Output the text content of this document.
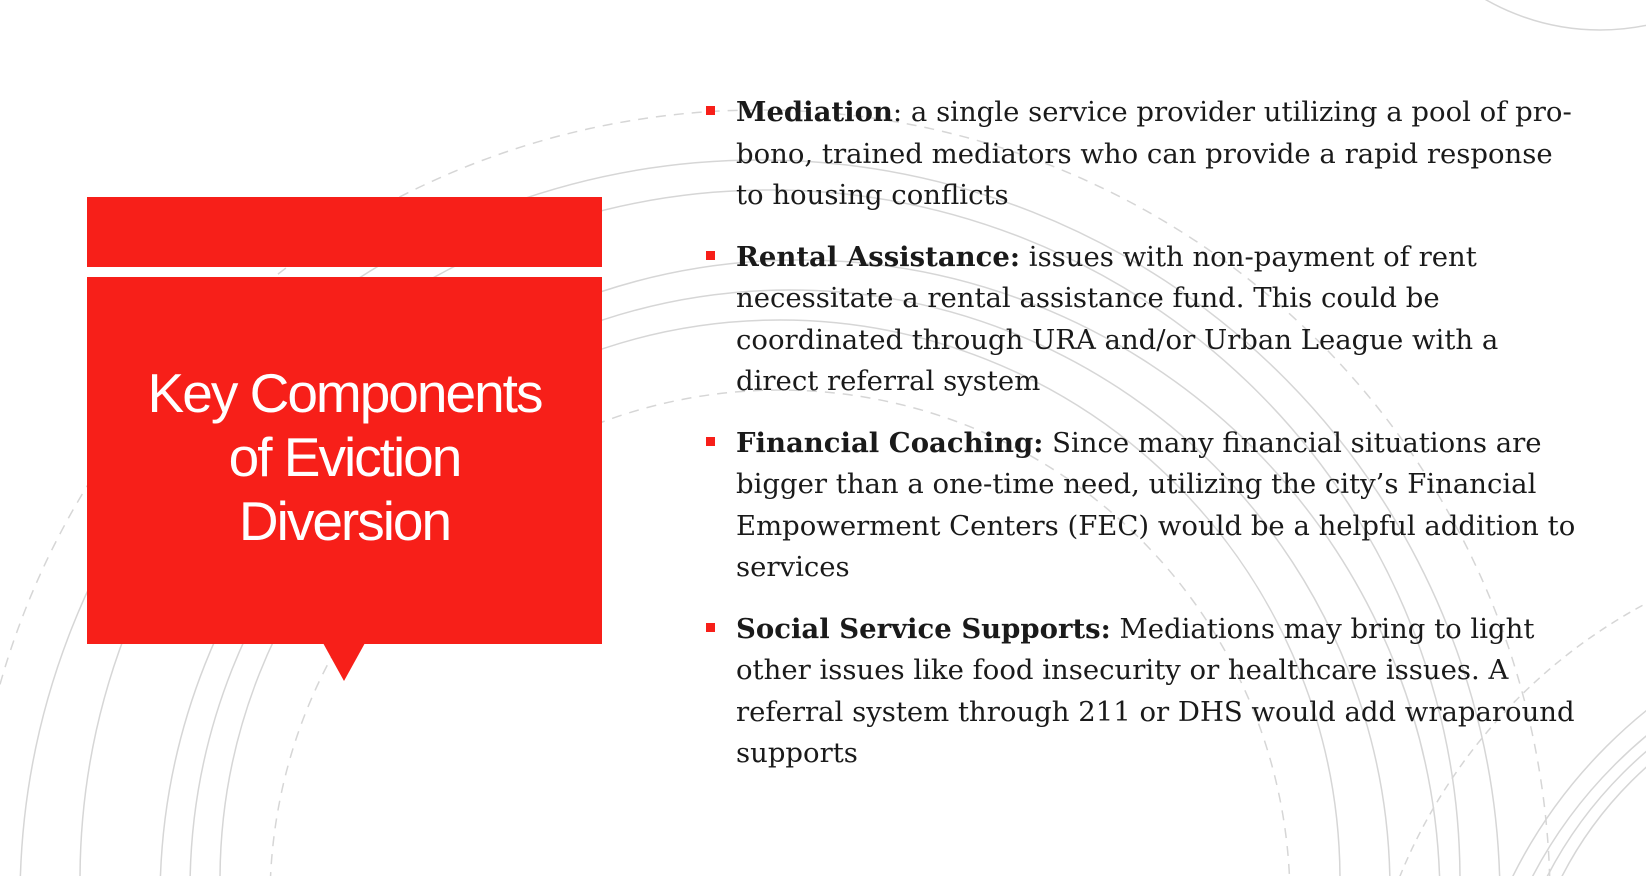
Key Components of Eviction Diversion
Mediation: a single service provider utilizing a pool of pro-bono, trained mediators who can provide a rapid response to housing conflicts
Rental Assistance: issues with non-payment of rent necessitate a rental assistance fund. This could be coordinated through URA and/or Urban League with a direct referral system
Financial Coaching: Since many financial situations are bigger than a one-time need, utilizing the city’s Financial Empowerment Centers (FEC) would be a helpful addition to services
Social Service Supports: Mediations may bring to light other issues like food insecurity or healthcare issues. A referral system through 211 or DHS would add wraparound supports
